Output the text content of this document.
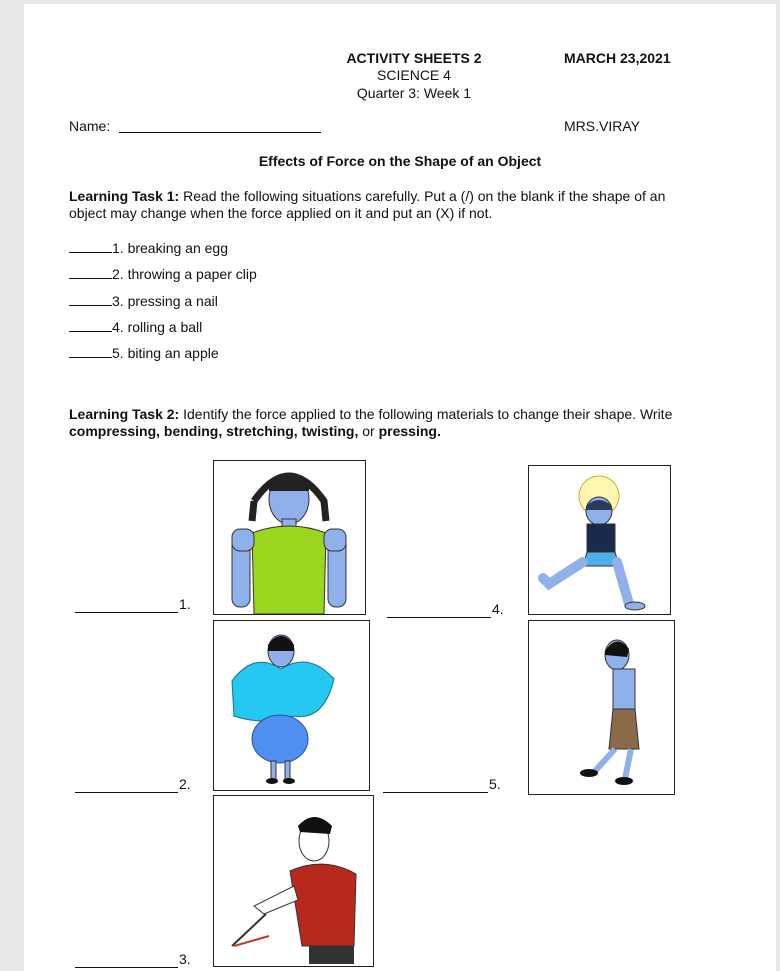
ACTIVITY SHEETS 2
SCIENCE 4
Quarter 3: Week 1
MARCH 23,2021
Name:	MRS.VIRAY
Effects of Force on the Shape of an Object
Learning Task 1: Read the following situations carefully. Put a (/) on the blank if the shape of an
object may change when the force applied on it and put an (X) if not.
1. breaking an egg
2. throwing a paper clip
3. pressing a nail
4. rolling a ball
5. biting an apple
Learning Task 2: Identify the force applied to the following materials to change their shape. Write
compressing, bending, stretching, twisting, or pressing.
1.
2.
3.
4.
5.
